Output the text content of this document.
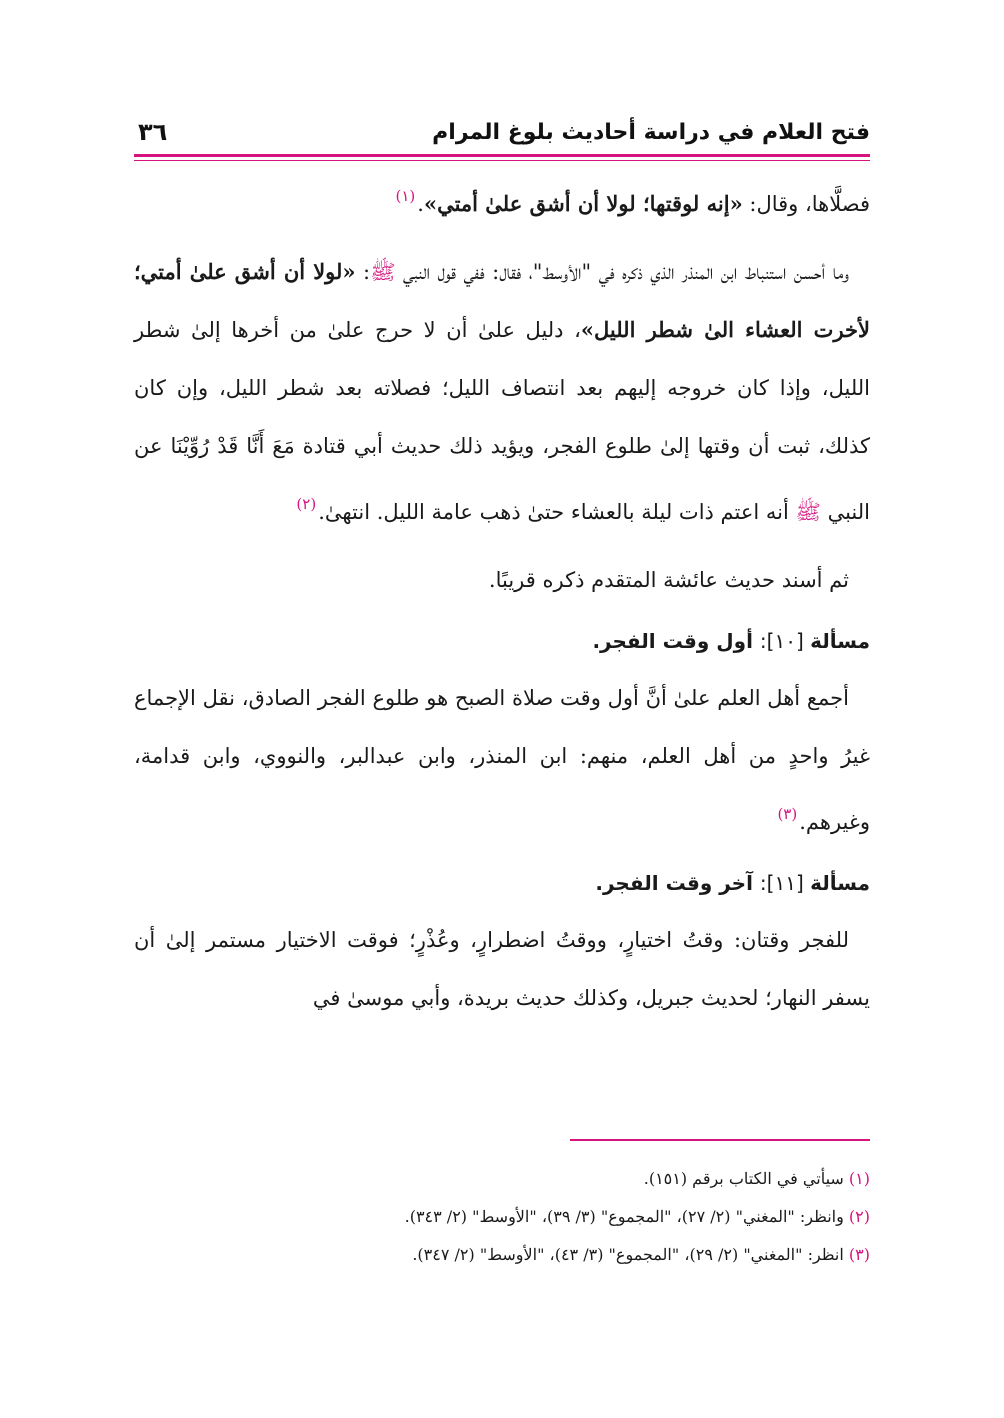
فتح العلام في دراسة أحاديث بلوغ المرام
٣٦

فصلَّاها، وقال: «إنه لوقتها؛ لولا أن أشق علىٰ أمتي».$^{(١)}$

 وما أحسن استنباط ابن المنذر الذي ذكره في "الأوسط"، فقال: ففي قول النبي ﷺ: «لولا أن أشق علىٰ أمتي؛ لأخرت العشاء الىٰ شطر الليل»، دليل علىٰ أن لا حرج علىٰ من أخرها إلىٰ شطر الليل، وإذا كان خروجه إليهم بعد انتصاف الليل؛ فصلاته بعد شطر الليل، وإن كان كذلك، ثبت أن وقتها إلىٰ طلوع الفجر، ويؤيد ذلك حديث أبي قتادة مَعَ أَنَّا قَدْ رُوِّيْنَا عن النبي ﷺ أنه اعتم ذات ليلة بالعشاء حتىٰ ذهب عامة الليل. انتهىٰ.$^{(٢)}$

 ثم أسند حديث عائشة المتقدم ذكره قريبًا.

مسألة [١٠]: أول وقت الفجر.

 أجمع أهل العلم علىٰ أنَّ أول وقت صلاة الصبح هو طلوع الفجر الصادق، نقل الإجماع غيرُ واحدٍ من أهل العلم، منهم: ابن المنذر، وابن عبدالبر، والنووي، وابن قدامة، وغيرهم.$^{(٣)}$

مسألة [١١]: آخر وقت الفجر.

 للفجر وقتان: وقتُ اختيارٍ، ووقتُ اضطرارٍ، وعُذْرٍ؛ فوقت الاختيار مستمر إلىٰ أن يسفر النهار؛ لحديث جبريل، وكذلك حديث بريدة، وأبي موسىٰ في

(١) سيأتي في الكتاب برقم (١٥١).

(٢) وانظر: "المغني" (٢/ ٢٧)، "المجموع" (٣/ ٣٩)، "الأوسط" (٢/ ٣٤٣).

(٣) انظر: "المغني" (٢/ ٢٩)، "المجموع" (٣/ ٤٣)، "الأوسط" (٢/ ٣٤٧).
